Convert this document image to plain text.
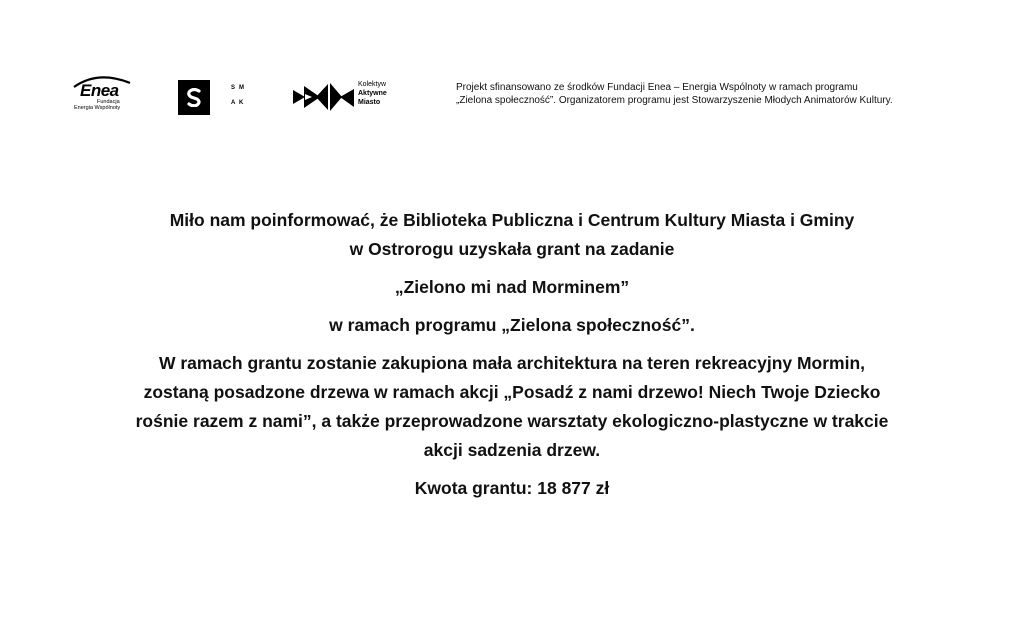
Enea
Fundacja
Energia Wspólnoty
S M
A K
Kolektyw
Aktywne
Miasto
Projekt sfinansowano ze środków Fundacji Enea – Energia Wspólnoty w ramach programu
„Zielona społeczność”. Organizatorem programu jest Stowarzyszenie Młodych Animatorów Kultury.
Miło nam poinformować, że Biblioteka Publiczna i Centrum Kultury Miasta i Gminy
w Ostrorogu uzyskała grant na zadanie
„Zielono mi nad Morminem”
w ramach programu „Zielona społeczność”.
W ramach grantu zostanie zakupiona mała architektura na teren rekreacyjny Mormin,
zostaną posadzone drzewa w ramach akcji „Posadź z nami drzewo! Niech Twoje Dziecko
rośnie razem z nami”, a także przeprowadzone warsztaty ekologiczno-plastyczne w trakcie
akcji sadzenia drzew.
Kwota grantu: 18 877 zł
